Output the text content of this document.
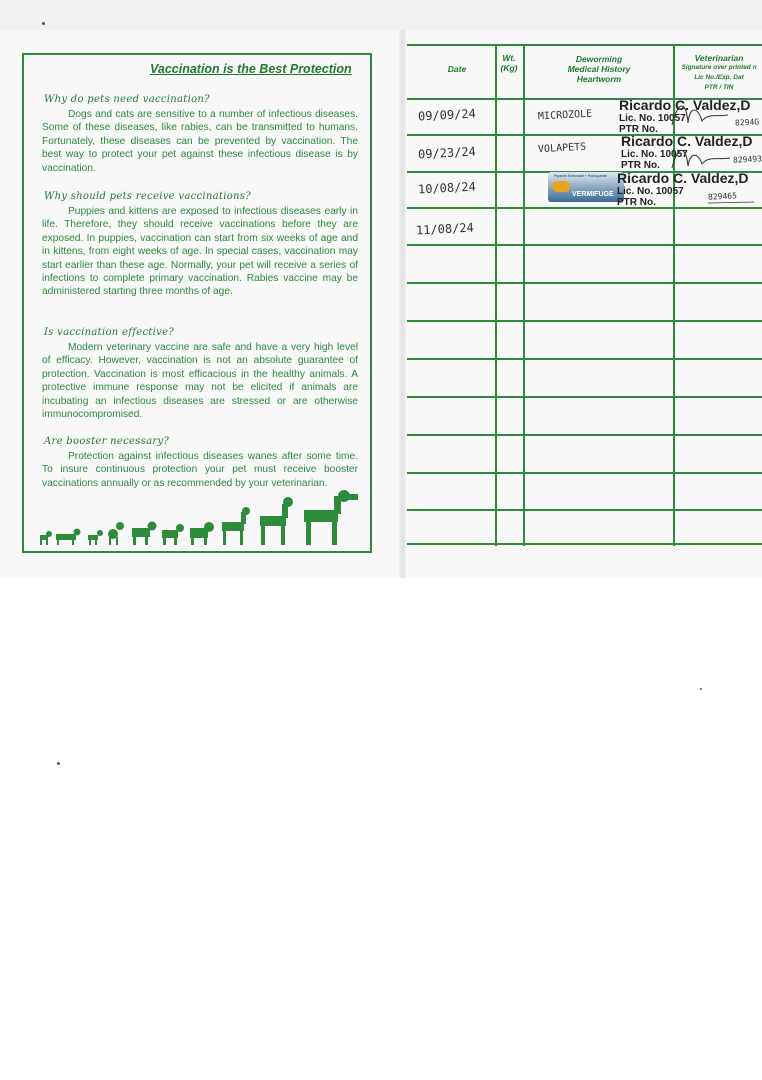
Vaccination is the Best Protection
Why do pets need vaccination?

Dogs and cats are sensitive to a number of infectious diseases. Some of these diseases, like rabies, can be transmitted to humans. Fortunately, these diseases can be prevented by vaccination. The best way to protect your pet against these infectious disease is by vaccination.

Why should pets receive vaccinations?

Puppies and kittens are exposed to infectious diseases early in life. Therefore, they should receive vaccinations before they are exposed. In puppies, vaccination can start from six weeks of age and in kittens, from eight weeks of age. In special cases, vaccination may start earlier than these age. Normally, your pet will receive a series of infections to complete primary vaccination. Rabies vaccine may be administered starting three months of age.

Is vaccination effective?

Modern veterinary vaccine are safe and have a very high level of efficacy. However, vaccination is not an absolute guarantee of protection. Vaccination is most efficacious in the healthy animals. A protective immune response may not be elicited if animals are incubating an infectious diseases are stressed or are otherwise immunocompromised.

Are booster necessary?

Protection against infectious diseases wanes after some time. To insure continuous protection your pet must receive booster vaccinations annually or as recommended by your veterinarian.

Date
Wt.
(Kg)
Deworming
Medical History
Heartworm
Veterinarian
Signature over printed n
Lic No./Exp. Dat
PTR / TIN
09/09/24
09/23/24
10/08/24
11/08/24
MICROZOLE
VOLAPETS
Pyrantel Embonate + Praziquantel
VERMIFUGE
Ricardo C. Valdez,D
Lic. No. 10057
PTR No.
Ricardo C. Valdez,D
Lic. No. 10057
PTR No.
Ricardo C. Valdez,D
Lic. No. 10057
PTR No.
8294G
829493
829465
